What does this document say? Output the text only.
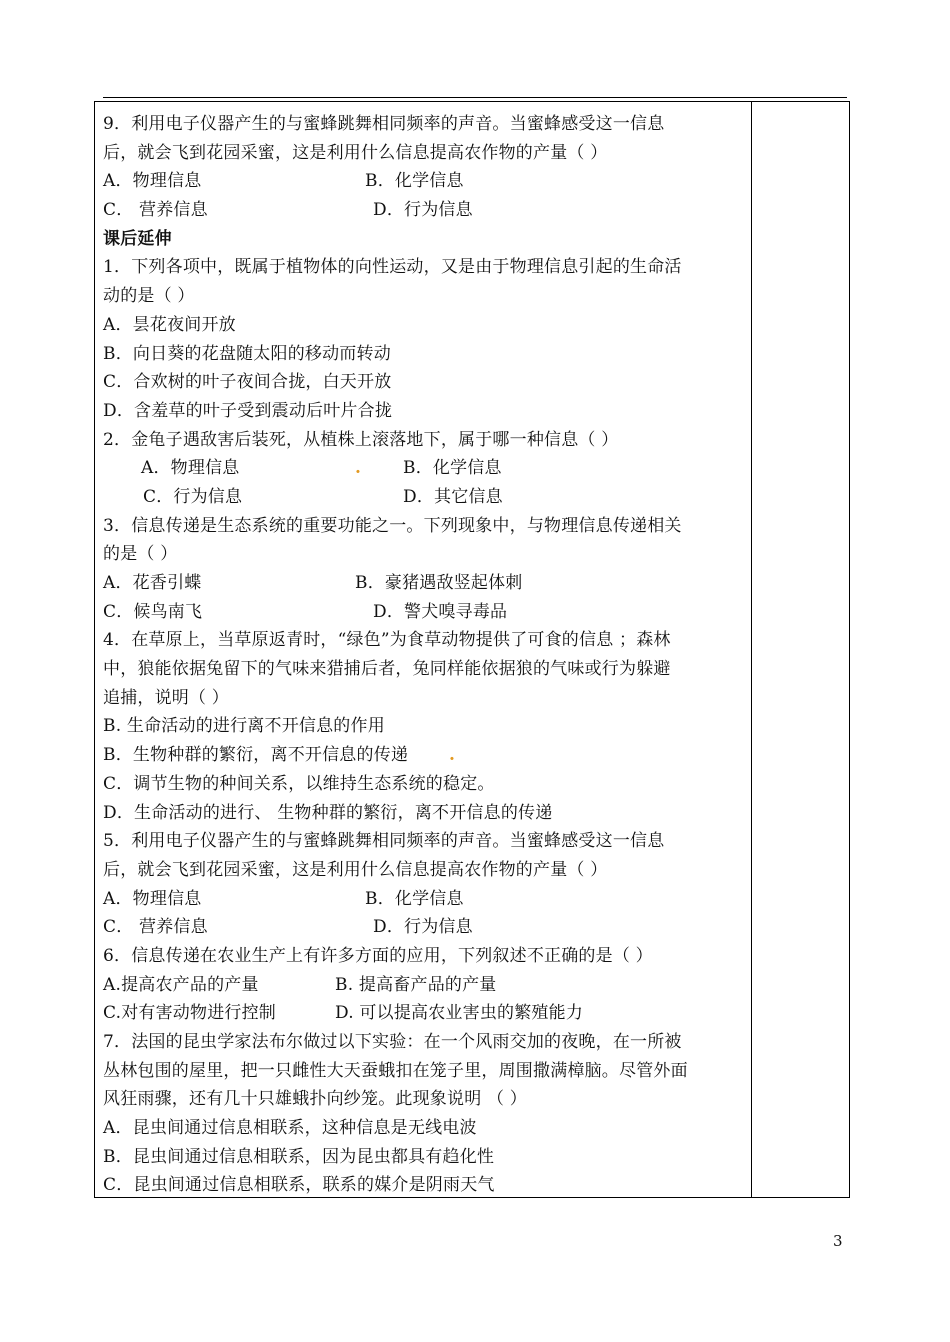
9．利用电子仪器产生的与蜜蜂跳舞相同频率的声音。当蜜蜂感受这一信息
后，就会飞到花园采蜜，这是利用什么信息提高农作物的产量（ ）
A．物理信息	B．化学信息
C． 营养信息	D．行为信息
课后延伸
1．下列各项中，既属于植物体的向性运动，又是由于物理信息引起的生命活
动的是（ ）
A．昙花夜间开放
B．向日葵的花盘随太阳的移动而转动
C．合欢树的叶子夜间合拢，白天开放
D．含羞草的叶子受到震动后叶片合拢
2．金龟子遇敌害后装死，从植株上滚落地下，属于哪一种信息（ ）
A．物理信息	.	B．化学信息
C．行为信息	D．其它信息
3．信息传递是生态系统的重要功能之一。下列现象中，与物理信息传递相关
的是（ ）
A．花香引蝶	B．豪猪遇敌竖起体刺
C．候鸟南飞	D．警犬嗅寻毒品
4．在草原上，当草原返青时，“绿色”为食草动物提供了可食的信息 ；森林
中，狼能依据兔留下的气味来猎捕后者，兔同样能依据狼的气味或行为躲避
追捕，说明（ ）
B. 生命活动的进行离不开信息的作用
B．生物种群的繁衍，离不开信息的传递	.
C．调节生物的种间关系，以维持生态系统的稳定。
D．生命活动的进行、 生物种群的繁衍，离不开信息的传递
5．利用电子仪器产生的与蜜蜂跳舞相同频率的声音。当蜜蜂感受这一信息
后，就会飞到花园采蜜，这是利用什么信息提高农作物的产量（ ）
A．物理信息	B．化学信息
C． 营养信息	D．行为信息
6．信息传递在农业生产上有许多方面的应用，下列叙述不正确的是（ ）
A.提高农产品的产量	B. 提高畜产品的产量
C.对有害动物进行控制	D. 可以提高农业害虫的繁殖能力
7．法国的昆虫学家法布尔做过以下实验：在一个风雨交加的夜晚，在一所被
丛林包围的屋里，把一只雌性大天蚕蛾扣在笼子里，周围撒满樟脑。尽管外面
风狂雨骤，还有几十只雄蛾扑向纱笼。此现象说明 （ ）
A．昆虫间通过信息相联系，这种信息是无线电波
B．昆虫间通过信息相联系，因为昆虫都具有趋化性
C．昆虫间通过信息相联系，联系的媒介是阴雨天气
3
